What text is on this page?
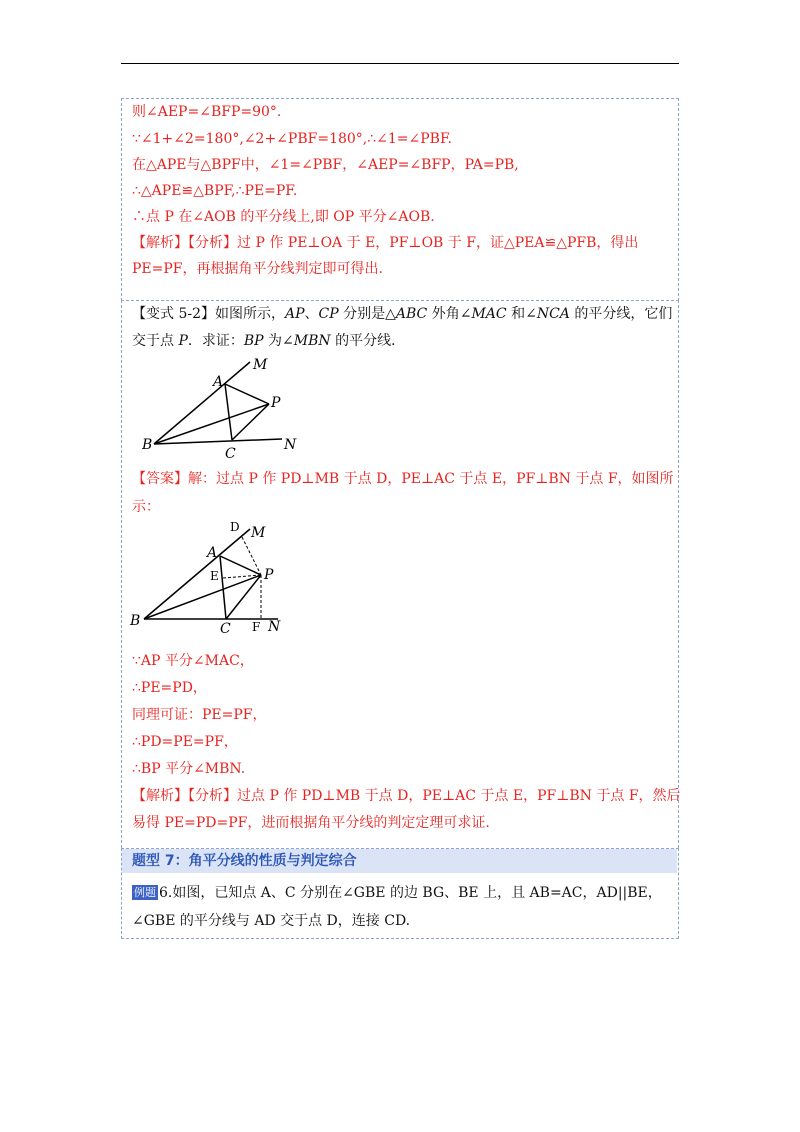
则∠AEP=∠BFP=90°.
∵∠1+∠2=180°,∠2+∠PBF=180°,∴∠1=∠PBF.
在△APE与△BPF中，∠1=∠PBF，∠AEP=∠BFP，PA=PB,
∴△APE≌△BPF,∴PE=PF.
∴点 P 在∠AOB 的平分线上,即 OP 平分∠AOB.
【解析】【分析】过 P 作 PE⊥OA 于 E，PF⊥OB 于 F，证△PEA≌△PFB，得出
PE=PF，再根据角平分线判定即可得出.
【变式 5-2】如图所示，AP、CP 分别是△ABC 外角∠MAC 和∠NCA 的平分线，它们
交于点 P．求证：BP 为∠MBN 的平分线．
M
A
P
B
C
N
【答案】解：过点 P 作 PD⊥MB 于点 D，PE⊥AC 于点 E，PF⊥BN 于点 F，如图所
示：
D
E
F
M
A
P
B	C	N
∵AP 平分∠MAC，
∴PE=PD，
同理可证：PE=PF，
∴PD=PE=PF，
∴BP 平分∠MBN.
【解析】【分析】过点 P 作 PD⊥MB 于点 D，PE⊥AC 于点 E，PF⊥BN 于点 F，然后
易得 PE=PD=PF，进而根据角平分线的判定定理可求证.
题型 7：角平分线的性质与判定综合
例题 6.如图，已知点 A、C 分别在∠GBE 的边 BG、BE 上，且 AB=AC，AD||BE，
∠GBE 的平分线与 AD 交于点 D，连接 CD.
